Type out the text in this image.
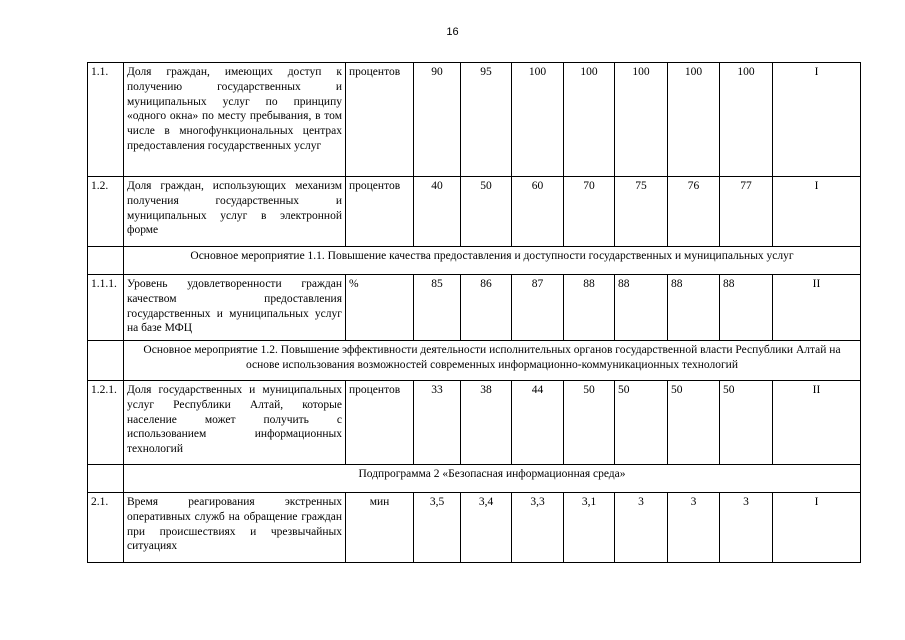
16
1.1.	Доля граждан, имеющих доступ к получению государственных и муниципальных услуг по принципу «одного окна» по месту пребывания, в том числе в многофункциональных центрах предоставления государственных услуг	процентов	90	95	100	100	100	100	100	I
1.2.	Доля граждан, использующих механизм получения государственных и муниципальных услуг в электронной форме	процентов	40	50	60	70	75	76	77	I
	Основное мероприятие 1.1. Повышение качества предоставления и доступности государственных и муниципальных услуг									
1.1.1.	Уровень удовлетворенности граждан качеством предоставления государственных и муниципальных услуг на базе МФЦ	%	85	86	87	88	88	88	88	II
	Основное мероприятие 1.2. Повышение эффективности деятельности исполнительных органов государственной власти Республики Алтай на основе использования возможностей современных информационно-коммуникационных технологий									
1.2.1.	Доля государственных и муниципальных услуг Республики Алтай, которые население может получить с использованием информационных технологий	процентов	33	38	44	50	50	50	50	II
	Подпрограмма 2 «Безопасная информационная среда»									
2.1.	Время реагирования экстренных оперативных служб на обращение граждан при происшествиях и чрезвычайных ситуациях	мин	3,5	3,4	3,3	3,1	3	3	3	I
